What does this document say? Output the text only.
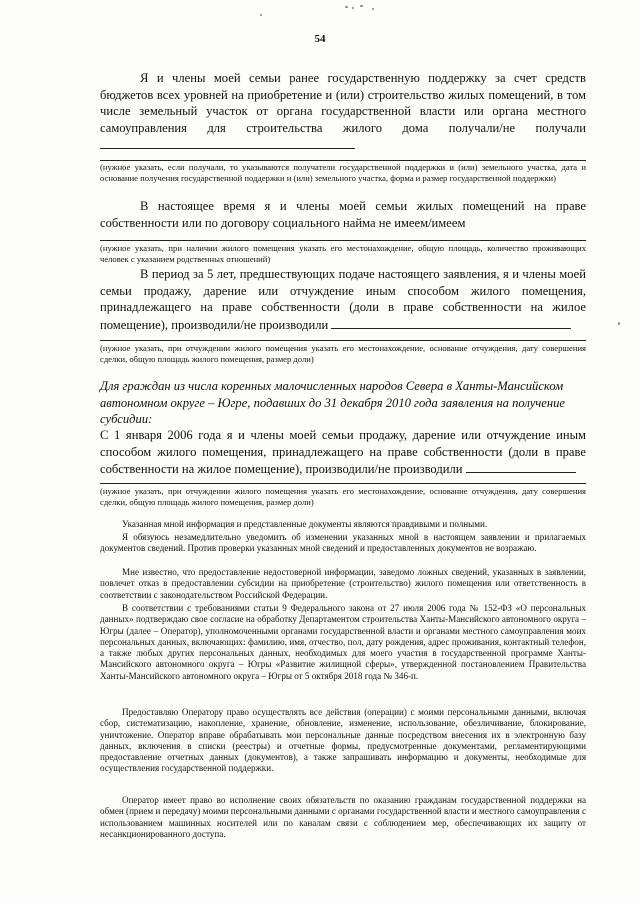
54

Я и члены моей семьи ранее государственную поддержку за счет средств бюджетов всех уровней на приобретение и (или) строительство жилых помещений, в том числе земельный участок от органа государственной власти или органа местного самоуправления для строительства жилого дома получали/не получали

(нужное указать, если получали, то указываются получатели государственной поддержки и (или) земельного участка, дата и основание получения государственной поддержки и (или) земельного участка, форма и размер государственной поддержки)

В настоящее время я и члены моей семьи жилых помещений на праве собственности или по договору социального найма не имеем/имеем

(нужное указать, при наличии жилого помещения указать его местонахождение, общую площадь, количество проживающих человек с указанием родственных отношений)

В период за 5 лет, предшествующих подаче настоящего заявления, я и члены моей семьи продажу, дарение или отчуждение иным способом жилого помещения, принадлежащего на праве собственности (доли в праве собственности на жилое помещение), производили/не производили

(нужное указать, при отчуждении жилого помещения указать его местонахождение, основание отчуждения, дату совершения сделки, общую площадь жилого помещения, размер доли)

Для граждан из числа коренных малочисленных народов Севера в Ханты-Мансийском автономном округе – Югре, подавших до 31 декабря 2010 года заявления на получение субсидии:

С 1 января 2006 года я и члены моей семьи продажу, дарение или отчуждение иным способом жилого помещения, принадлежащего на праве собственности (доли в праве собственности на жилое помещение), производили/не производили

(нужное указать, при отчуждении жилого помещения указать его местонахождение, основание отчуждения, дату совершения сделки, общую площадь жилого помещения, размер доли)

Указанная мной информация и представленные документы являются правдивыми и полными.

Я обязуюсь незамедлительно уведомить об изменении указанных мной в настоящем заявлении и прилагаемых документов сведений. Против проверки указанных мной сведений и предоставленных документов не возражаю.

Мне известно, что предоставление недостоверной информации, заведомо ложных сведений, указанных в заявлении, повлечет отказ в предоставлении субсидии на приобретение (строительство) жилого помещения или ответственность в соответствии с законодательством Российской Федерации.

В соответствии с требованиями статьи 9 Федерального закона от 27 июля 2006 года № 152-ФЗ «О персональных данных» подтверждаю свое согласие на обработку Департаментом строительства Ханты-Мансийского автономного округа – Югры (далее – Оператор), уполномоченными органами государственной власти и органами местного самоуправления моих персональных данных, включающих: фамилию, имя, отчество, пол, дату рождения, адрес проживания, контактный телефон, а также любых других персональных данных, необходимых для моего участия в государственной программе Ханты-Мансийского автономного округа – Югры «Развитие жилищной сферы», утвержденной постановлением Правительства Ханты-Мансийского автономного округа – Югры от 5 октября 2018 года № 346-п.

Предоставляю Оператору право осуществлять все действия (операции) с моими персональными данными, включая сбор, систематизацию, накопление, хранение, обновление, изменение, использование, обезличивание, блокирование, уничтожение. Оператор вправе обрабатывать мои персональные данные посредством внесения их в электронную базу данных, включения в списки (реестры) и отчетные формы, предусмотренные документами, регламентирующими предоставление отчетных данных (документов), а также запрашивать информацию и документы, необходимые для осуществления государственной поддержки.

Оператор имеет право во исполнение своих обязательств по оказанию гражданам государственной поддержки на обмен (прием и передачу) моими персональными данными с органами государственной власти и местного самоуправления с использованием машинных носителей или по каналам связи с соблюдением мер, обеспечивающих их защиту от несанкционированного доступа.
